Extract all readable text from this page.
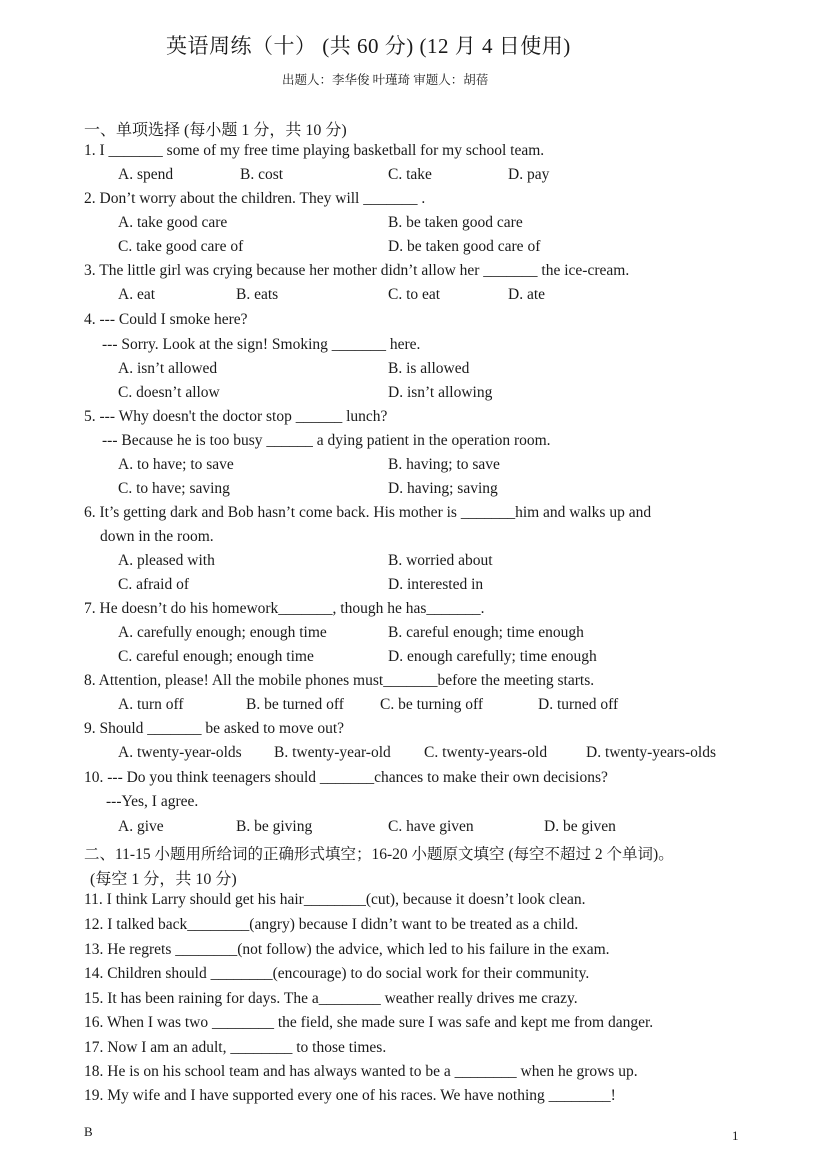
英语周练（十） (共 60 分) (12 月 4 日使用)
出题人：李华俊 叶瑾琦 审题人：胡蓓
一、单项选择 (每小题 1 分，共 10 分)
1. I _______ some of my free time playing basketball for my school team.
A. spend	B. cost	C. take	D. pay
2. Don’t worry about the children. They will _______ .
A. take good care	B. be taken good care
C. take good care of	D. be taken good care of
3. The little girl was crying because her mother didn’t allow her _______ the ice-cream.
A. eat	B. eats	C. to eat	D. ate
4. --- Could I smoke here?
--- Sorry. Look at the sign! Smoking _______ here.
A. isn’t allowed	B. is allowed
C. doesn’t allow	D. isn’t allowing
5. --- Why doesn't the doctor stop ______ lunch?
--- Because he is too busy ______ a dying patient in the operation room.
A. to have; to save	B. having; to save
C. to have; saving	D. having; saving
6. It’s getting dark and Bob hasn’t come back. His mother is _______him and walks up and
down in the room.
A. pleased with	B. worried about
C. afraid of	D. interested in
7. He doesn’t do his homework_______, though he has_______.
A. carefully enough; enough time	B. careful enough; time enough
C. careful enough; enough time	D. enough carefully; time enough
8. Attention, please! All the mobile phones must_______before the meeting starts.
A. turn off	B. be turned off C. be turning off	D. turned off
9. Should _______ be asked to move out?
A. twenty-year-olds B. twenty-year-old C. twenty-years-old	D. twenty-years-olds
10. --- Do you think teenagers should _______chances to make their own decisions?
---Yes, I agree.
A. give	B. be giving	C. have given	D. be given
二、11-15 小题用所给词的正确形式填空；16-20 小题原文填空 (每空不超过 2 个单词)。
(每空 1 分，共 10 分)
11. I think Larry should get his hair________(cut), because it doesn’t look clean.
12. I talked back________(angry) because I didn’t want to be treated as a child.
13. He regrets ________(not follow) the advice, which led to his failure in the exam.
14. Children should ________(encourage) to do social work for their community.
15. It has been raining for days. The a________ weather really drives me crazy.
16. When I was two ________ the field, she made sure I was safe and kept me from danger.
17. Now I am an adult, ________ to those times.
18. He is on his school team and has always wanted to be a ________ when he grows up.
19. My wife and I have supported every one of his races. We have nothing ________!
B	1
